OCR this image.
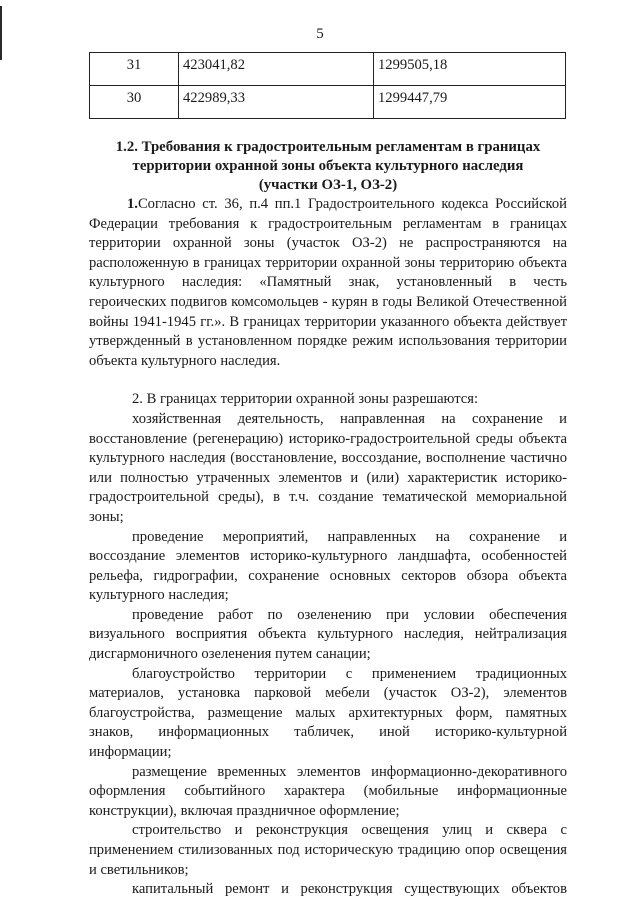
5
31	423041,82	1299505,18
30	422989,33	1299447,79
1.2. Требования к градостроительным регламентам в границах
территории охранной зоны объекта культурного наследия
(участки ОЗ-1, ОЗ-2)

1.Согласно ст. 36, п.4 пп.1 Градостроительного кодекса Российской Федерации требования к градостроительным регламентам в границах территории охранной зоны (участок ОЗ-2) не распространяются на расположенную в границах территории охранной зоны территорию объекта культурного наследия: «Памятный знак, установленный в честь героических подвигов комсомольцев - курян в годы Великой Отечественной войны 1941-1945 гг.». В границах территории указанного объекта действует утвержденный в установленном порядке режим использования территории объекта культурного наследия.

2. В границах территории охранной зоны разрешаются:

хозяйственная деятельность, направленная на сохранение и восстановление (регенерацию) историко-градостроительной среды объекта культурного наследия (восстановление, воссоздание, восполнение частично или полностью утраченных элементов и (или) характеристик историко-градостроительной среды), в т.ч. создание тематической мемориальной зоны;

проведение мероприятий, направленных на сохранение и воссоздание элементов историко-культурного ландшафта, особенностей рельефа, гидрографии, сохранение основных секторов обзора объекта культурного наследия;

проведение работ по озеленению при условии обеспечения визуального восприятия объекта культурного наследия, нейтрализация дисгармоничного озеленения путем санации;

благоустройство территории с применением традиционных материалов, установка парковой мебели (участок ОЗ-2), элементов благоустройства, размещение малых архитектурных форм, памятных знаков, информационных табличек, иной историко-культурной информации;

размещение временных элементов информационно-декоративного оформления событийного характера (мобильные информационные конструкции), включая праздничное оформление;

строительство и реконструкция освещения улиц и сквера с применением стилизованных под историческую традицию опор освещения и светильников;

капитальный ремонт и реконструкция существующих объектов
